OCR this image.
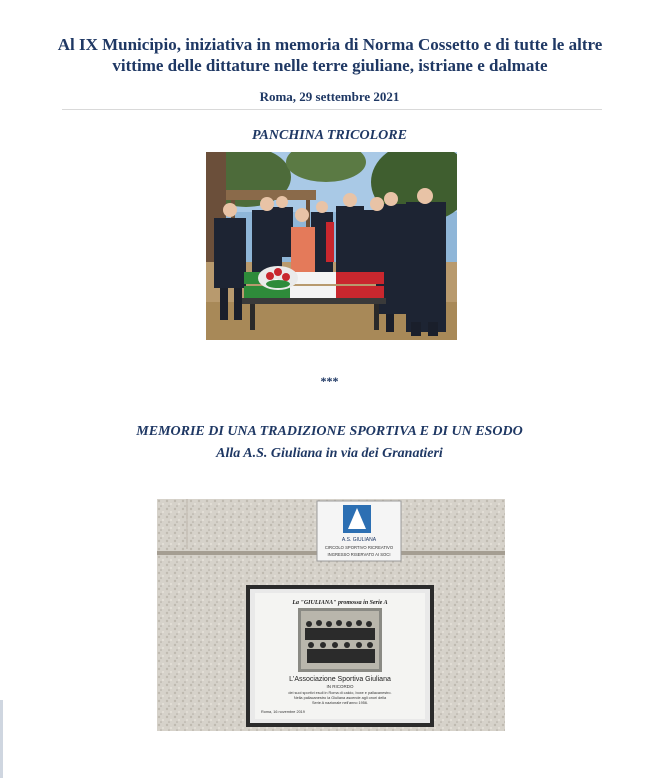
Al IX Municipio, iniziativa in memoria di Norma Cossetto e di tutte le altre
vittime delle dittature nelle terre giuliane, istriane e dalmate
Roma, 29 settembre 2021
PANCHINA TRICOLORE
***
MEMORIE DI UNA TRADIZIONE SPORTIVA E DI UN ESODO
Alla A.S. Giuliana in via dei Granatieri
A.S. GIULIANA
CIRCOLO SPORTIVO RICREATIVO
INGRESSO RISERVATO AI SOCI
La "GIULIANA" promossa in Serie A
L'Associazione Sportiva Giuliana
IN RICORDO
dei suoi sportivi esuli in Roma di calcio, boxe e pallacanestro.
Nella pallacanestro la Giuliana ascende agli onori della
Serie A nazionale nell'anno 1956.
Roma, 16 novembre 2019
